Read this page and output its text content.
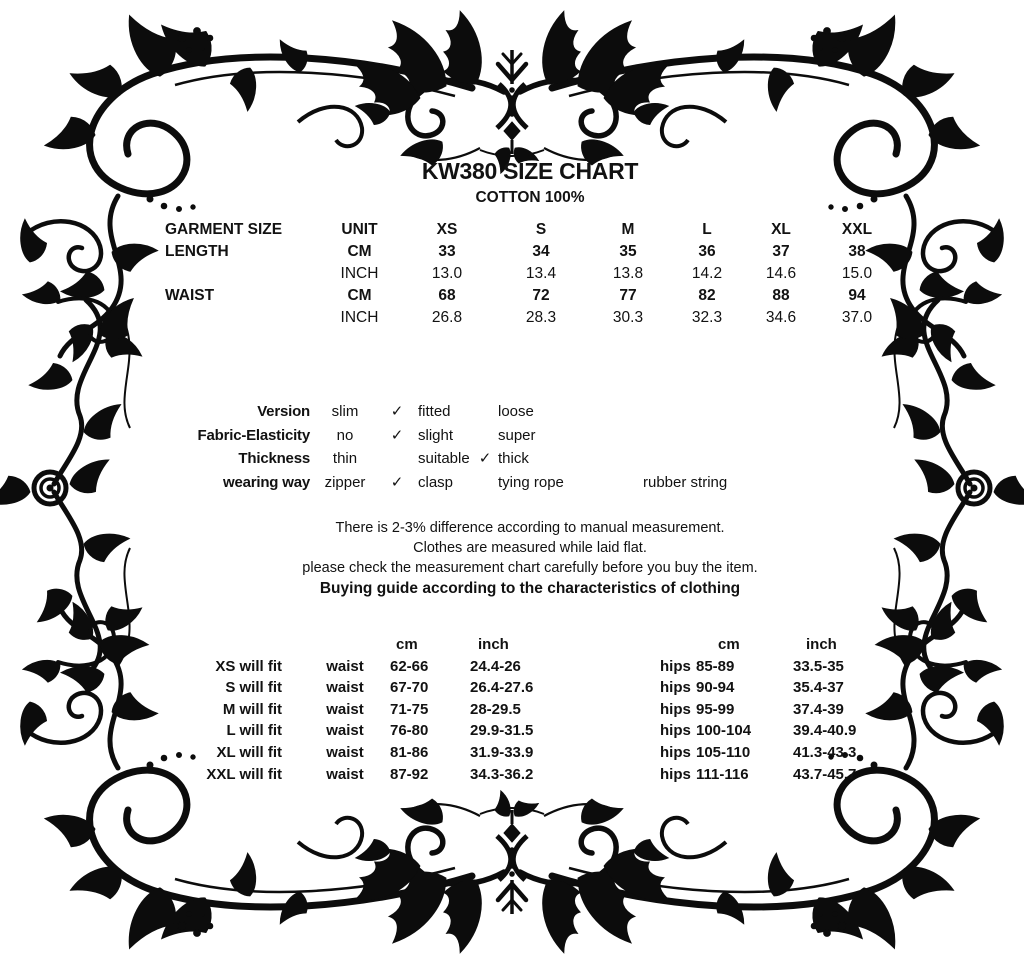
KW380 SIZE CHART
COTTON 100%
GARMENT SIZE	UNIT	XS	S	M	L	XL	XXL
LENGTH	CM	33	34	35	36	37	38
INCH	13.0	13.4	13.8	14.2	14.6	15.0
WAIST	CM	68	72	77	82	88	94
INCH	26.8	28.3	30.3	32.3	34.6	37.0
Version	slim	✓ fitted	loose
Fabric-Elasticity	no	✓ slight	super
Thickness	thin	suitable ✓ thick
wearing way zipper	✓ clasp	tying rope	rubber string
There is 2-3% difference according to manual measurement.
Clothes are measured while laid flat.
please check the measurement chart carefully before you buy the item.
Buying guide according to the characteristics of clothing
cm	inch	cm	inch
XS will fit	waist	62-66	24.4-26	hips 85-89	33.5-35
S will fit	waist	67-70	26.4-27.6	hips 90-94	35.4-37
M will fit	waist	71-75	28-29.5	hips 95-99	37.4-39
L will fit	waist	76-80	29.9-31.5	hips 100-104	39.4-40.9
XL will fit	waist	81-86	31.9-33.9	hips 105-110	41.3-43.3
XXL will fit	waist	87-92	34.3-36.2	hips 111-116	43.7-45.7
